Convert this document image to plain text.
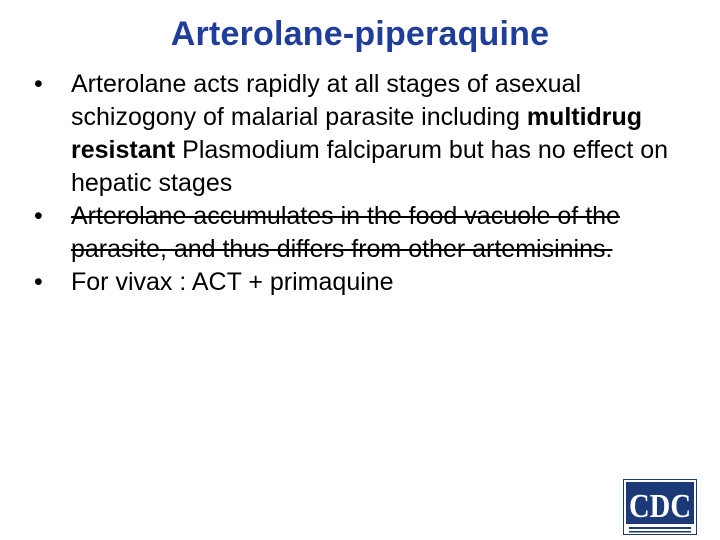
Arterolane-piperaquine
•	Arterolane acts rapidly at all stages of asexual schizogony of malarial parasite including multidrug resistant Plasmodium falciparum but has no effect on hepatic stages
•	Arterolane accumulates in the food vacuole of the parasite, and thus differs from other artemisinins.
•	For vivax : ACT + primaquine
CDC
